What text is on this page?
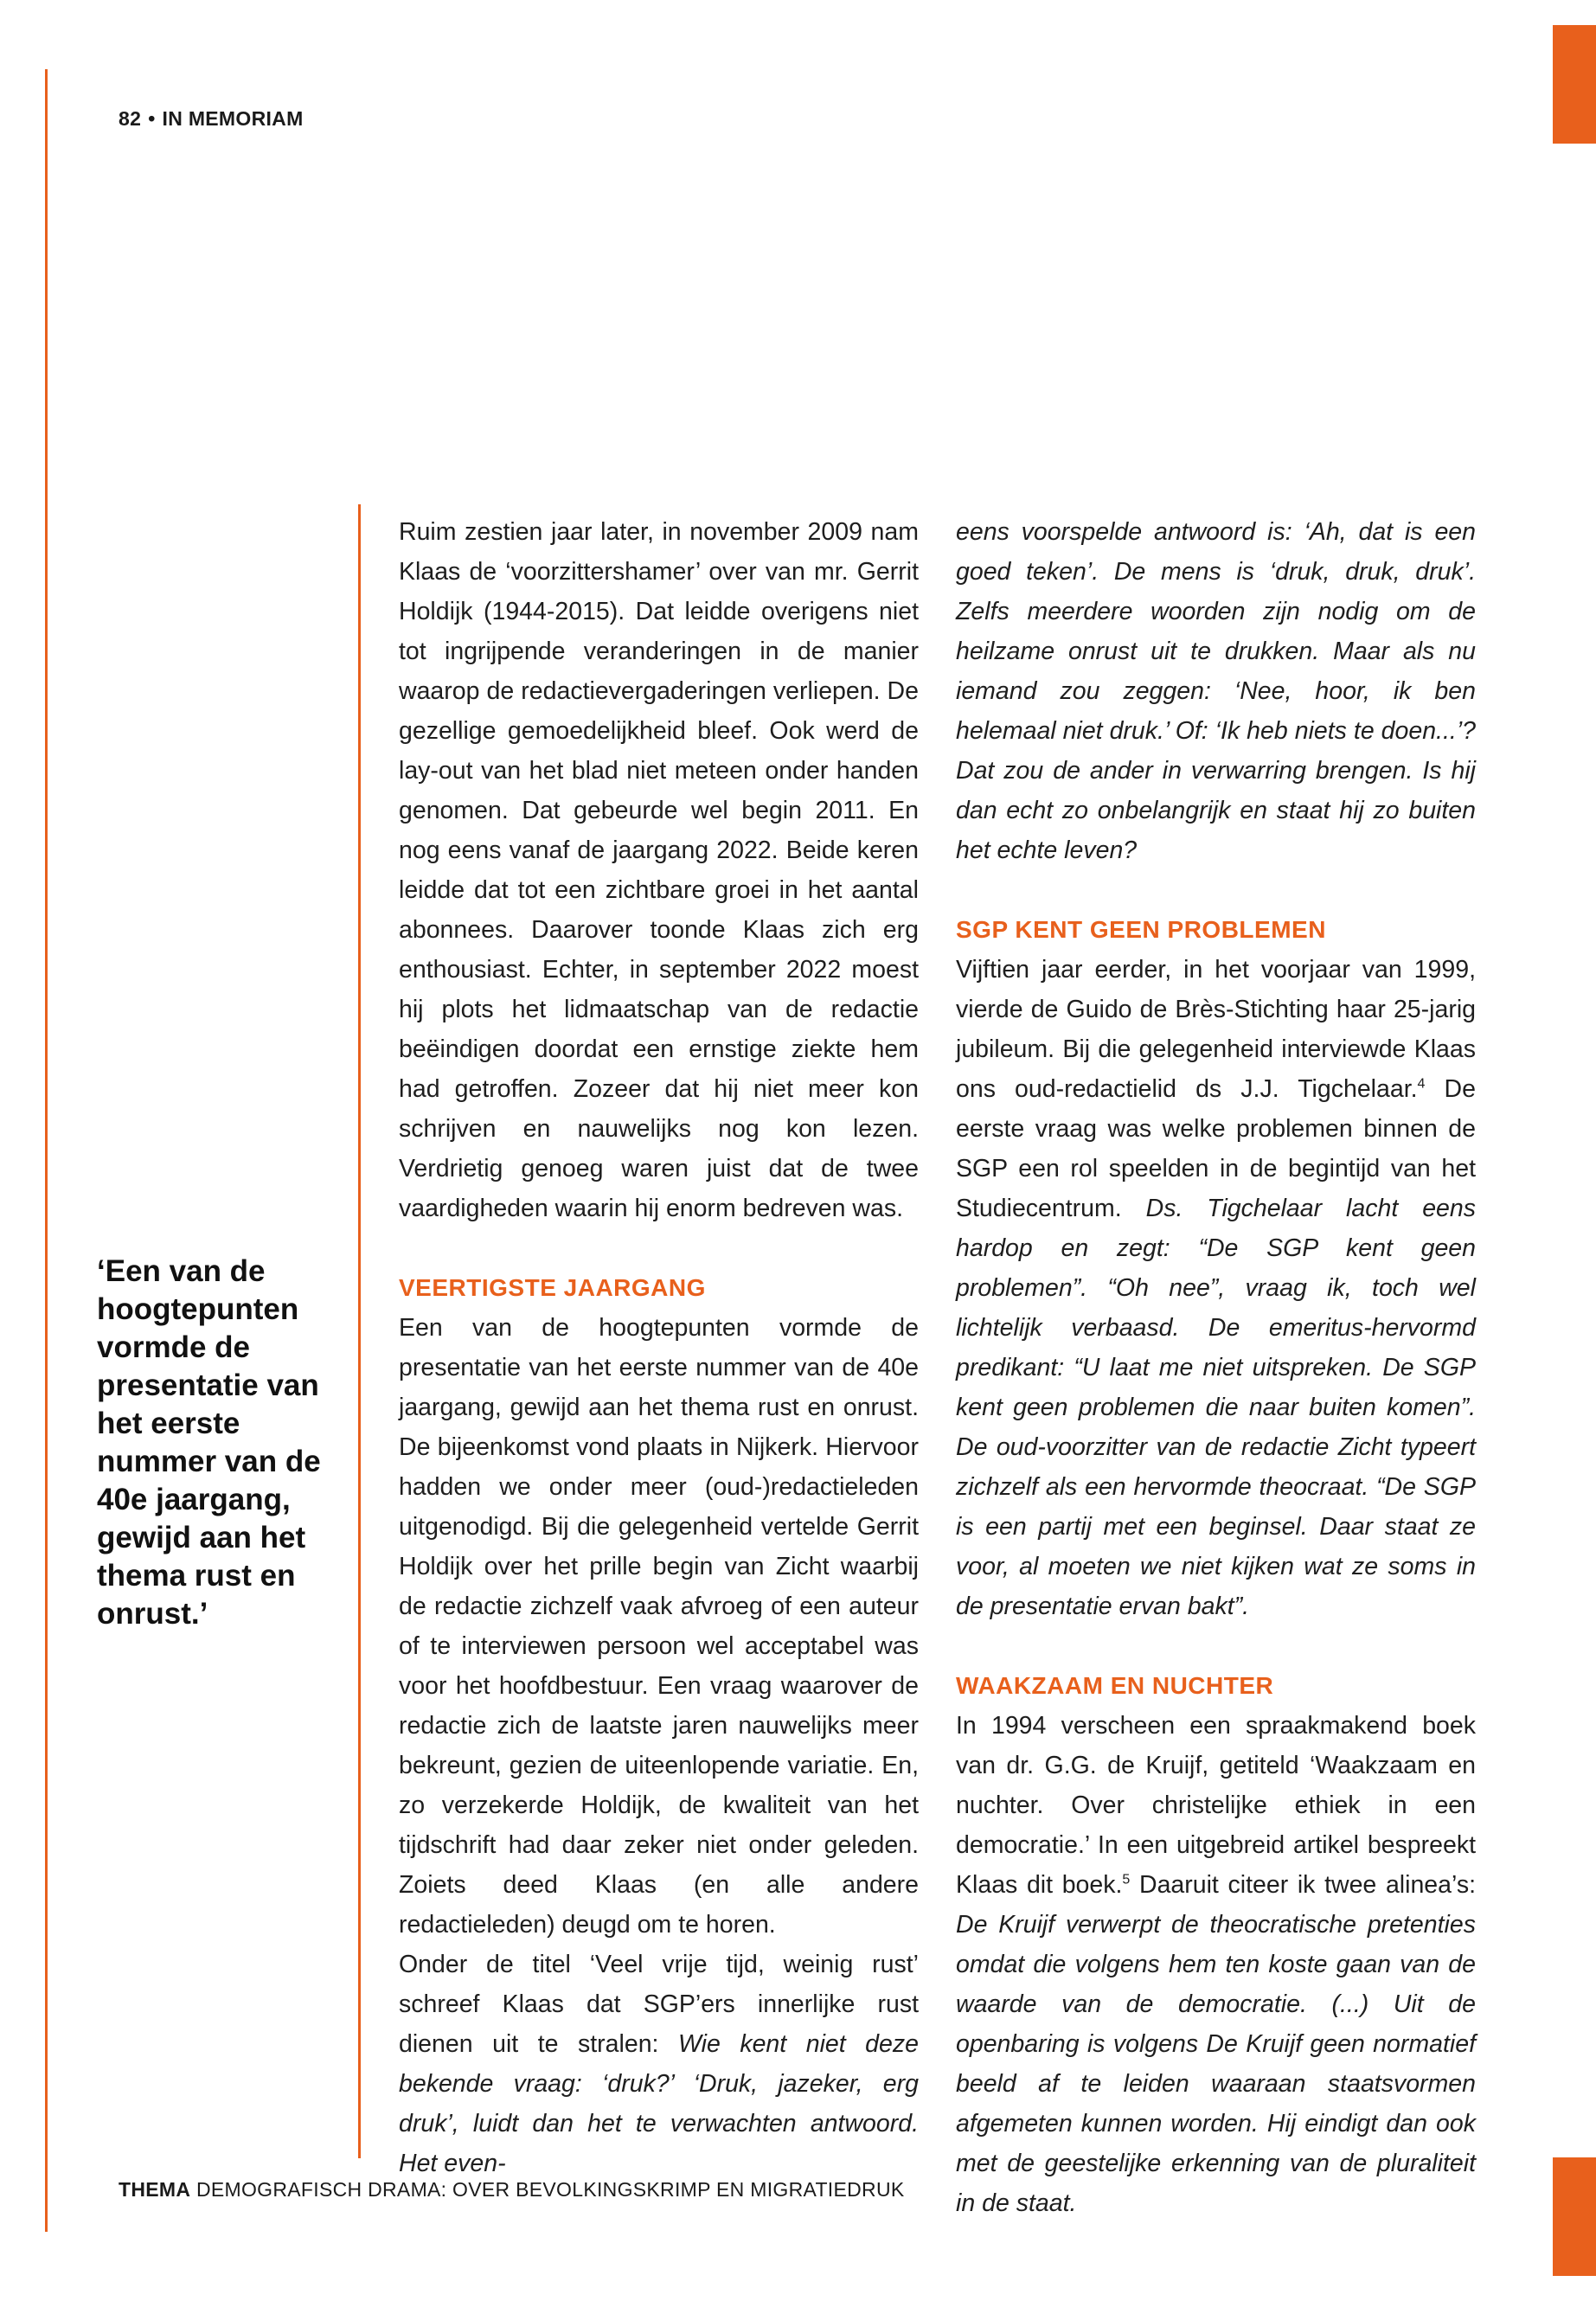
82 • IN MEMORIAM
‘Een van de hoogtepunten vormde de presentatie van het eerste nummer van de 40e jaargang, gewijd aan het thema rust en onrust.’

Ruim zestien jaar later, in november 2009 nam Klaas de ‘voorzittershamer’ over van mr. Gerrit Holdijk (1944-2015). Dat leidde overigens niet tot ingrijpende veranderingen in de manier waarop de redactievergaderingen verliepen. De gezellige gemoedelijkheid bleef. Ook werd de lay-out van het blad niet meteen onder handen genomen. Dat gebeurde wel begin 2011. En nog eens vanaf de jaargang 2022. Beide keren leidde dat tot een zichtbare groei in het aantal abonnees. Daarover toonde Klaas zich erg enthousiast. Echter, in september 2022 moest hij plots het lidmaatschap van de redactie beëindigen doordat een ernstige ziekte hem had getroffen. Zozeer dat hij niet meer kon schrijven en nauwelijks nog kon lezen. Verdrietig genoeg waren juist dat de twee vaardigheden waarin hij enorm bedreven was.

VEERTIGSTE JAARGANG

Een van de hoogtepunten vormde de presentatie van het eerste nummer van de 40e jaargang, gewijd aan het thema rust en onrust. De bijeenkomst vond plaats in Nijkerk. Hiervoor hadden we onder meer (oud-)redactieleden uitgenodigd. Bij die gelegenheid vertelde Gerrit Holdijk over het prille begin van Zicht waarbij de redactie zichzelf vaak afvroeg of een auteur of te interviewen persoon wel acceptabel was voor het hoofdbestuur. Een vraag waarover de redactie zich de laatste jaren nauwelijks meer bekreunt, gezien de uiteenlopende variatie. En, zo verzekerde Holdijk, de kwaliteit van het tijdschrift had daar zeker niet onder geleden. Zoiets deed Klaas (en alle andere redactieleden) deugd om te horen.

Onder de titel ‘Veel vrije tijd, weinig rust’ schreef Klaas dat SGP’ers innerlijke rust dienen uit te stralen: Wie kent niet deze bekende vraag: ‘druk?’ ‘Druk, jazeker, erg druk’, luidt dan het te verwachten antwoord. Het even-

eens voorspelde antwoord is: ‘Ah, dat is een goed teken’. De mens is ‘druk, druk, druk’. Zelfs meerdere woorden zijn nodig om de heilzame onrust uit te drukken. Maar als nu iemand zou zeggen: ‘Nee, hoor, ik ben helemaal niet druk.’ Of: ‘Ik heb niets te doen...’? Dat zou de ander in verwarring brengen. Is hij dan echt zo onbelangrijk en staat hij zo buiten het echte leven?

SGP KENT GEEN PROBLEMEN

Vijftien jaar eerder, in het voorjaar van 1999, vierde de Guido de Brès-Stichting haar 25-jarig jubileum. Bij die gelegenheid interviewde Klaas ons oud-redactielid ds J.J. Tigchelaar.$^4$ De eerste vraag was welke problemen binnen de SGP een rol speelden in de begintijd van het Studiecentrum. Ds. Tigchelaar lacht eens hardop en zegt: “De SGP kent geen problemen”. “Oh nee”, vraag ik, toch wel lichtelijk verbaasd. De emeritus-hervormd predikant: “U laat me niet uitspreken. De SGP kent geen problemen die naar buiten komen”. De oud-voorzitter van de redactie Zicht typeert zichzelf als een hervormde theocraat. “De SGP is een partij met een beginsel. Daar staat ze voor, al moeten we niet kijken wat ze soms in de presentatie ervan bakt”.

WAAKZAAM EN NUCHTER

In 1994 verscheen een spraakmakend boek van dr. G.G. de Kruijf, getiteld ‘Waakzaam en nuchter. Over christelijke ethiek in een democratie.’ In een uitgebreid artikel bespreekt Klaas dit boek.$^5$ Daaruit citeer ik twee alinea’s: De Kruijf verwerpt de theocratische pretenties omdat die volgens hem ten koste gaan van de waarde van de democratie. (...) Uit de openbaring is volgens De Kruijf geen normatief beeld af te leiden waaraan staatsvormen afgemeten kunnen worden. Hij eindigt dan ook met de geestelijke erkenning van de pluraliteit in de staat.

THEMA DEMOGRAFISCH DRAMA: OVER BEVOLKINGSKRIMP EN MIGRATIEDRUK
